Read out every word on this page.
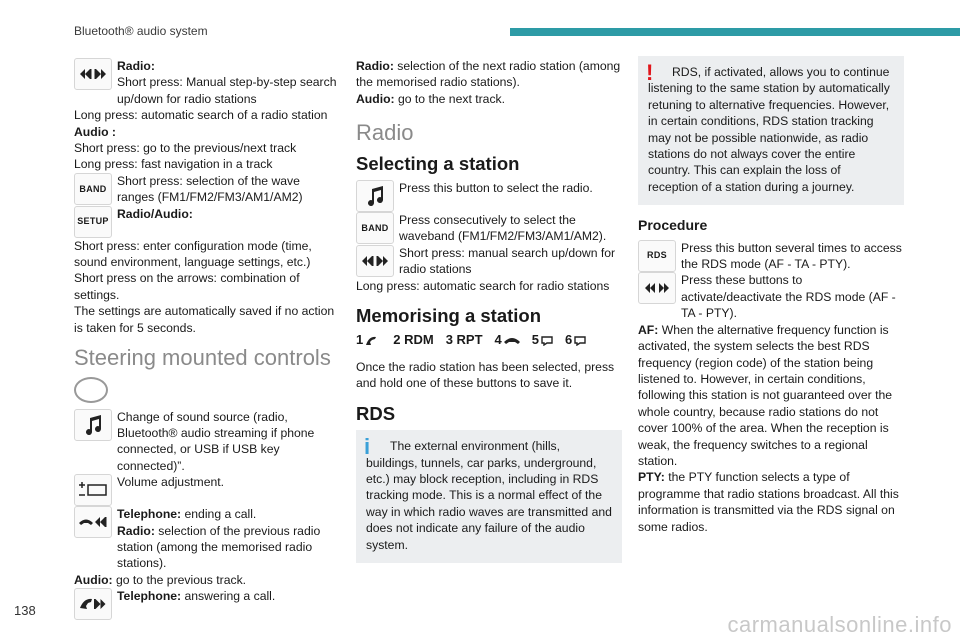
Bluetooth® audio system

Radio:

Short press: Manual step-by-step search up/down for radio stations

Long press: automatic search of a radio station

Audio :

Short press: go to the previous/next track

Long press: fast navigation in a track

BAND

Short press: selection of the wave ranges (FM1/FM2/FM3/AM1/AM2)

SETUP

Radio/Audio:

Short press: enter configuration mode (time, sound environment, language settings, etc.)

Short press on the arrows: combination of settings.

The settings are automatically saved if no action is taken for 5 seconds.

Steering mounted controls

Change of sound source (radio, Bluetooth® audio streaming if phone connected, or USB if USB key connected)”.

Volume adjustment.

Telephone: ending a call.

Radio: selection of the previous radio station (among the memorised radio stations).

Audio: go to the previous track.

Telephone: answering a call.

Radio: selection of the next radio station (among the memorised radio stations).

Audio: go to the next track.

Radio
Selecting a station

Press this button to select the radio.

BAND

Press consecutively to select the waveband (FM1/FM2/FM3/AM1/AM2).

Short press: manual search up/down for radio stations

Long press: automatic search for radio stations

Memorising a station
1 2 RDM 3 RPT 4 5 6

Once the radio station has been selected, press and hold one of these buttons to save it.

RDS
i	The external environment (hills, buildings, tunnels, car parks, underground, etc.) may block reception, including in RDS tracking mode. This is a normal effect of the way in which radio waves are transmitted and does not indicate any failure of the audio system.

!	RDS, if activated, allows you to continue listening to the same station by automatically retuning to alternative frequencies. However, in certain conditions, RDS station tracking may not be possible nationwide, as radio stations do not always cover the entire country. This can explain the loss of reception of a station during a journey.

Procedure
RDS

Press this button several times to access the RDS mode (AF - TA - PTY).

Press these buttons to activate/deactivate the RDS mode (AF - TA - PTY).

AF: When the alternative frequency function is activated, the system selects the best RDS frequency (region code) of the station being listened to. However, in certain conditions, following this station is not guaranteed over the whole country, because radio stations do not cover 100% of the area. When the reception is weak, the frequency switches to a regional station.

PTY: the PTY function selects a type of programme that radio stations broadcast. All this information is transmitted via the RDS signal on some radios.

138
carmanualsonline.info
